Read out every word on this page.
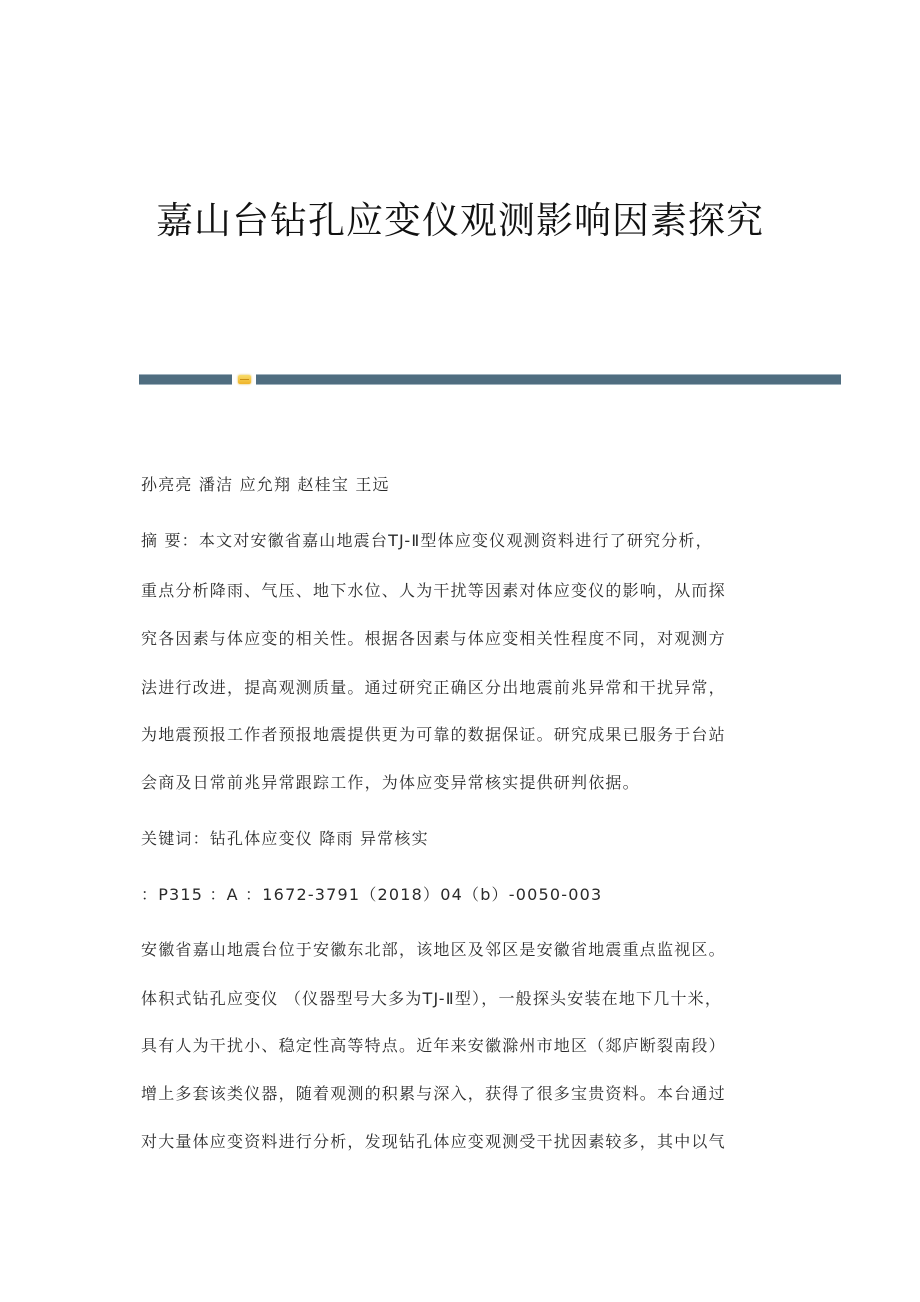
嘉山台钻孔应变仪观测影响因素探究
孙亮亮 潘洁 应允翔 赵桂宝 王远
摘 要：本文对安徽省嘉山地震台TJ-Ⅱ型体应变仪观测资料进行了研究分析，
重点分析降雨、气压、地下水位、人为干扰等因素对体应变仪的影响，从而探
究各因素与体应变的相关性。根据各因素与体应变相关性程度不同，对观测方
法进行改进，提高观测质量。通过研究正确区分出地震前兆异常和干扰异常，
为地震预报工作者预报地震提供更为可靠的数据保证。研究成果已服务于台站
会商及日常前兆异常跟踪工作，为体应变异常核实提供研判依据。
关键词：钻孔体应变仪 降雨 异常核实
：P315 ：A ：1672-3791（2018）04（b）-0050-003
安徽省嘉山地震台位于安徽东北部，该地区及邻区是安徽省地震重点监视区。
体积式钻孔应变仪 （仪器型号大多为TJ-Ⅱ型），一般探头安装在地下几十米，
具有人为干扰小、稳定性高等特点。近年来安徽滁州市地区（郯庐断裂南段）
增上多套该类仪器，随着观测的积累与深入，获得了很多宝贵资料。本台通过
对大量体应变资料进行分析，发现钻孔体应变观测受干扰因素较多，其中以气
